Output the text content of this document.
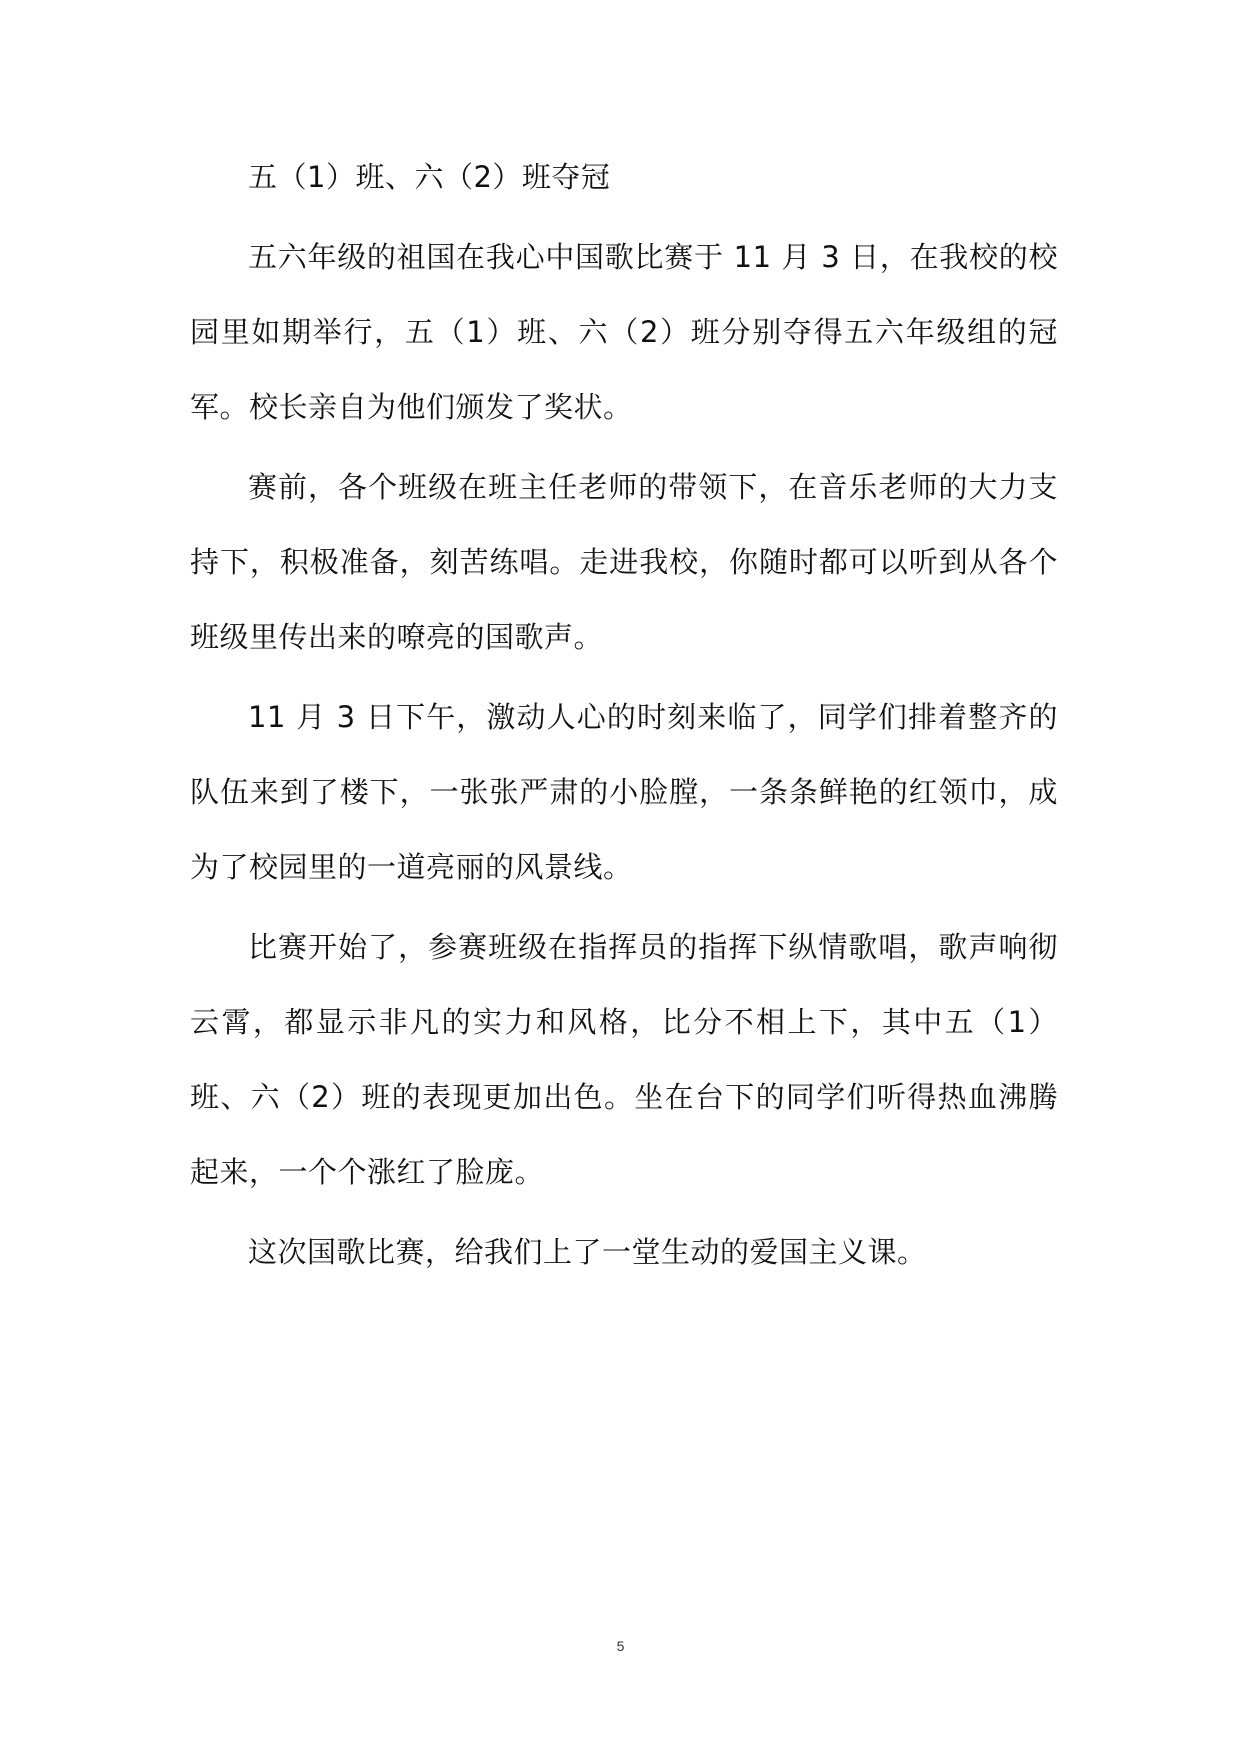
五（1）班、六（2）班夺冠

五六年级的祖国在我心中国歌比赛于 11 月 3 日，在我校的校园里如期举行，五（1）班、六（2）班分别夺得五六年级组的冠军。校长亲自为他们颁发了奖状。

赛前，各个班级在班主任老师的带领下，在音乐老师的大力支持下，积极准备，刻苦练唱。走进我校，你随时都可以听到从各个班级里传出来的嘹亮的国歌声。

11 月 3 日下午，激动人心的时刻来临了，同学们排着整齐的队伍来到了楼下，一张张严肃的小脸膛，一条条鲜艳的红领巾，成为了校园里的一道亮丽的风景线。

比赛开始了，参赛班级在指挥员的指挥下纵情歌唱，歌声响彻云霄，都显示非凡的实力和风格，比分不相上下，其中五（1）班、六（2）班的表现更加出色。坐在台下的同学们听得热血沸腾起来，一个个涨红了脸庞。

这次国歌比赛，给我们上了一堂生动的爱国主义课。

5
